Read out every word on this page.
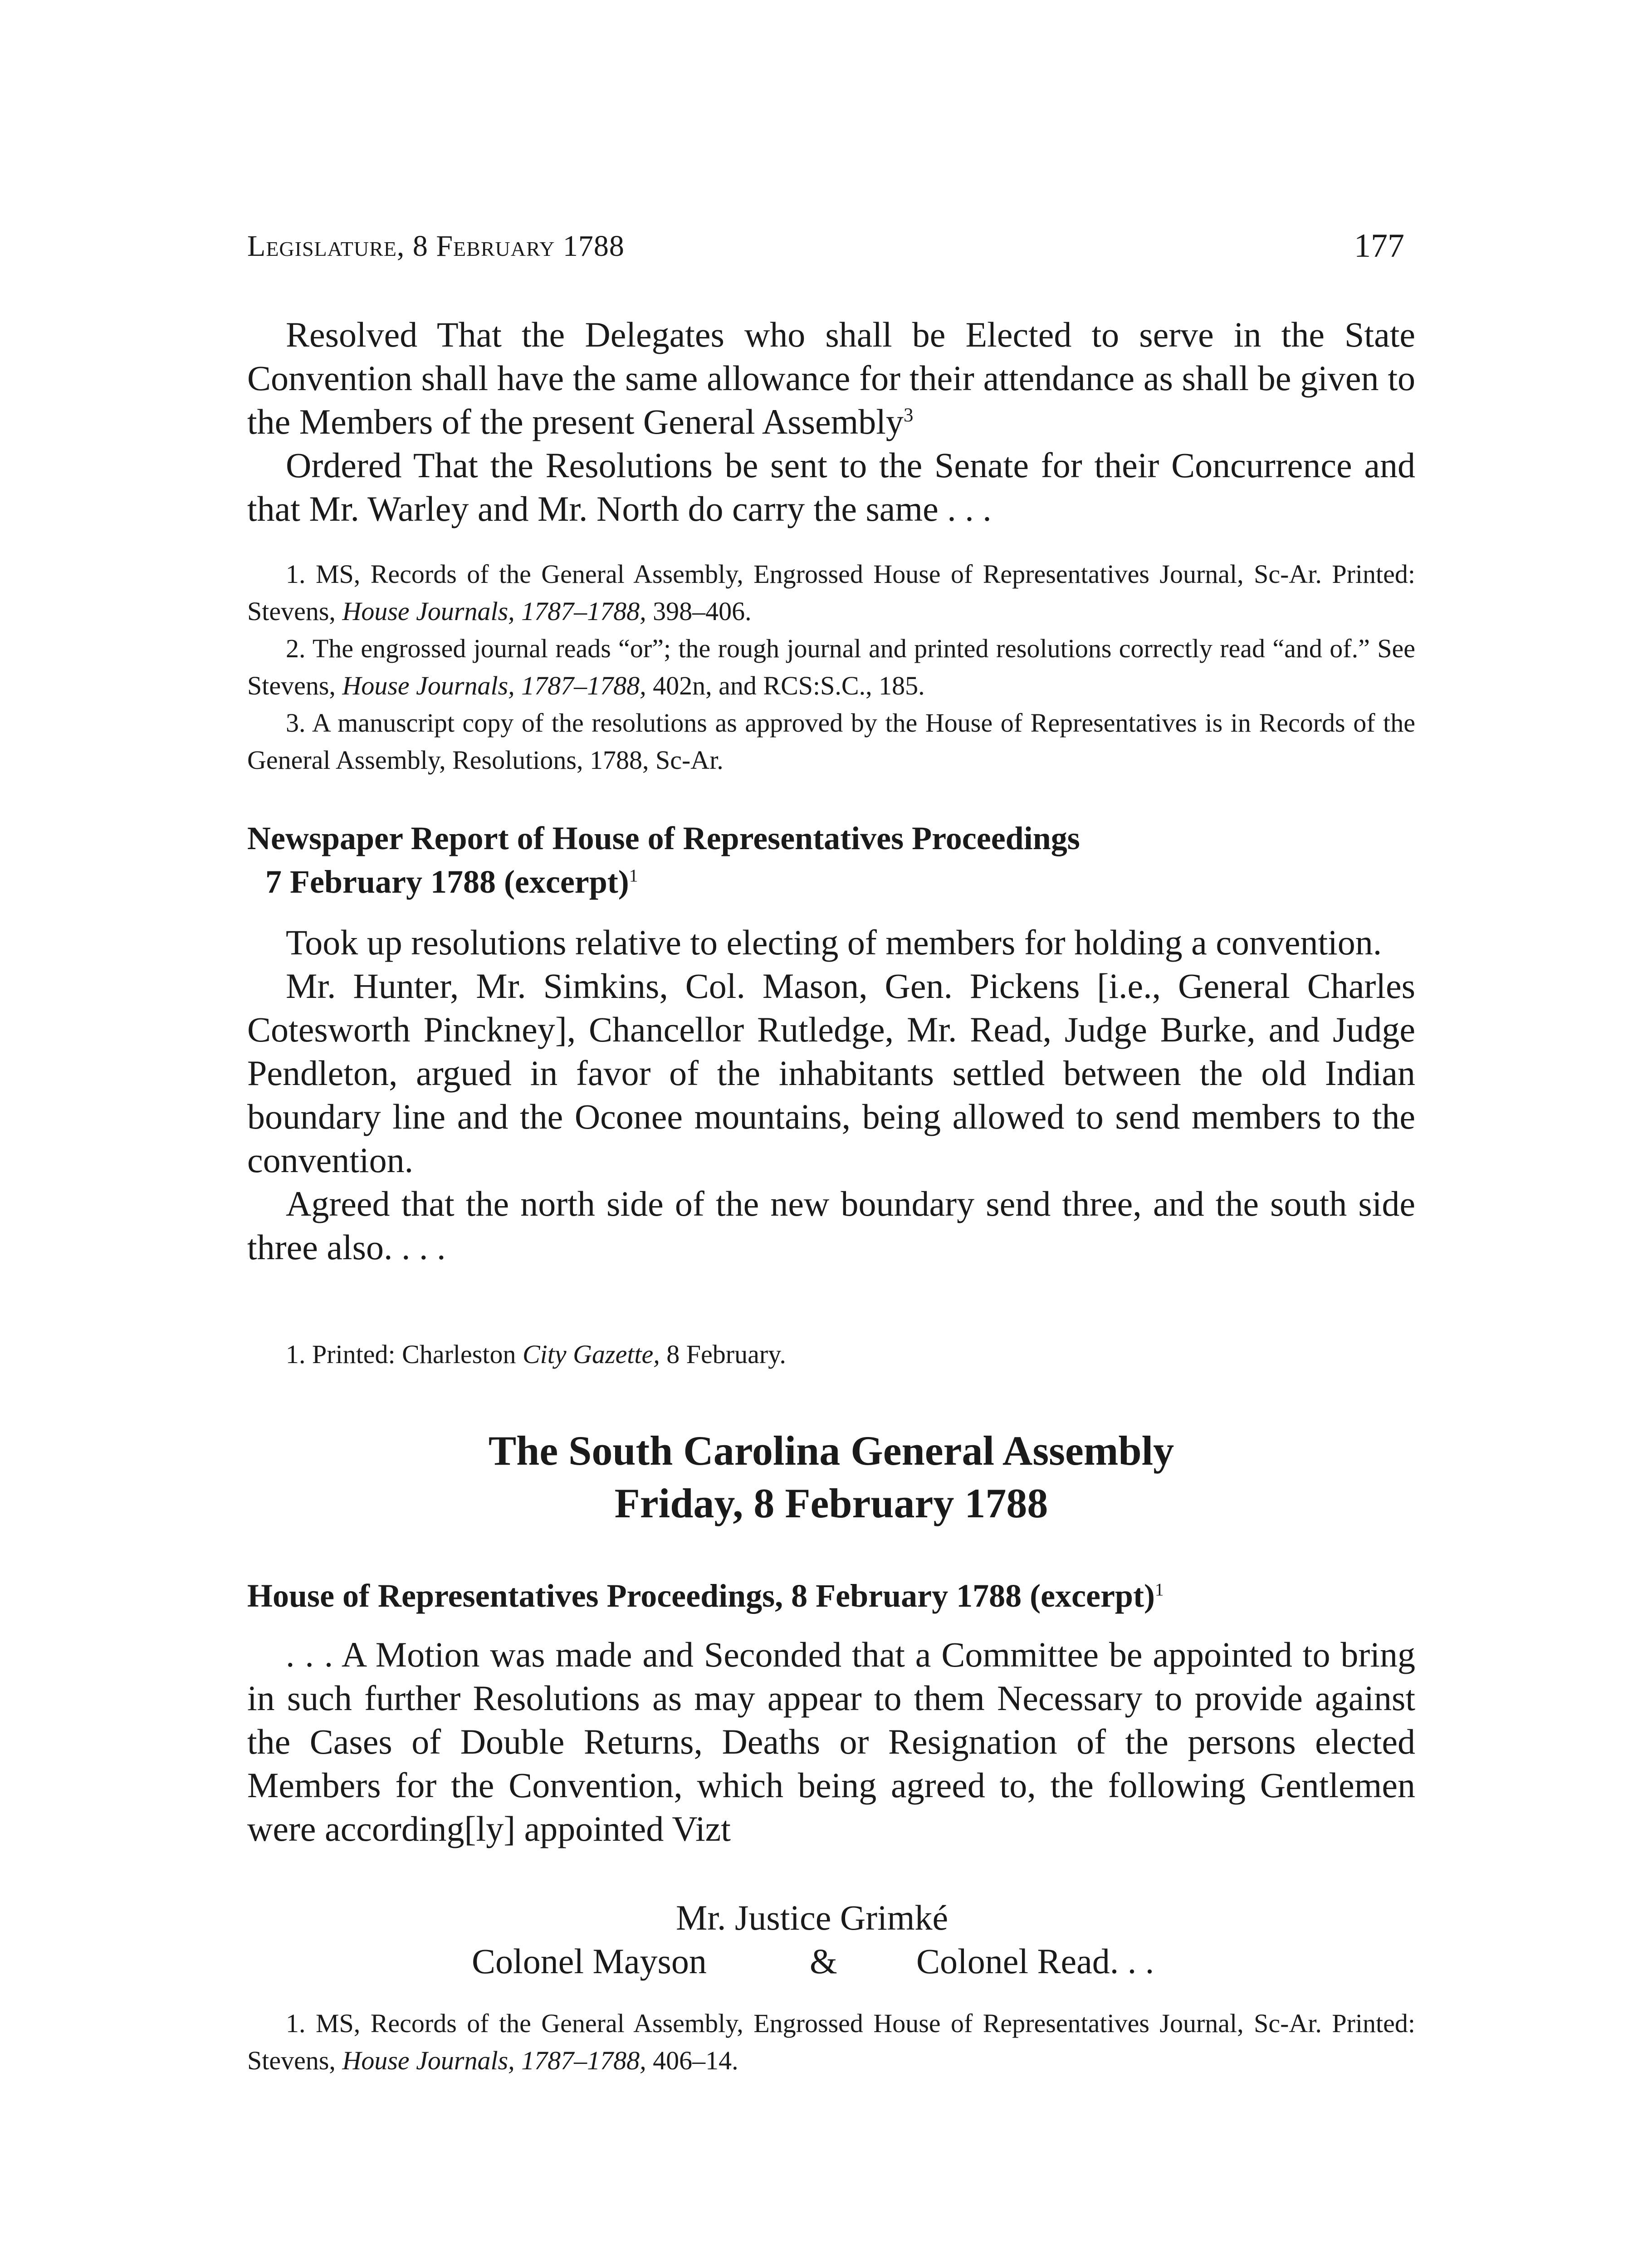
Legislature, 8 February 1788	177

Resolved That the Delegates who shall be Elected to serve in the State Convention shall have the same allowance for their attendance as shall be given to the Members of the present General Assembly$^3$

Ordered That the Resolutions be sent to the Senate for their Concurrence and that Mr. Warley and Mr. North do carry the same . . .

1. MS, Records of the General Assembly, Engrossed House of Representatives Journal, Sc-Ar. Printed: Stevens, House Journals, 1787–1788, 398–406.

2. The engrossed journal reads “or”; the rough journal and printed resolutions correctly read “and of.” See Stevens, House Journals, 1787–1788, 402n, and RCS:S.C., 185.

3. A manuscript copy of the resolutions as approved by the House of Representatives is in Records of the General Assembly, Resolutions, 1788, Sc-Ar.

Newspaper Report of House of Representatives Proceedings
7 February 1788 (excerpt)$^1$

Took up resolutions relative to electing of members for holding a convention.

Mr. Hunter, Mr. Simkins, Col. Mason, Gen. Pickens [i.e., General Charles Cotesworth Pinckney], Chancellor Rutledge, Mr. Read, Judge Burke, and Judge Pendleton, argued in favor of the inhabitants settled between the old Indian boundary line and the Oconee mountains, being allowed to send members to the convention.

Agreed that the north side of the new boundary send three, and the south side three also. . . .

1. Printed: Charleston City Gazette, 8 February.

The South Carolina General Assembly
Friday, 8 February 1788
House of Representatives Proceedings, 8 February 1788 (excerpt)$^1$

. . . A Motion was made and Seconded that a Committee be appointed to bring in such further Resolutions as may appear to them Necessary to provide against the Cases of Double Returns, Deaths or Resignation of the persons elected Members for the Convention, which being agreed to, the following Gentlemen were according[ly] appointed Vizt

Mr. Justice Grimké
Colonel Mayson	& Colonel Read. . .

1. MS, Records of the General Assembly, Engrossed House of Representatives Journal, Sc-Ar. Printed: Stevens, House Journals, 1787–1788, 406–14.
